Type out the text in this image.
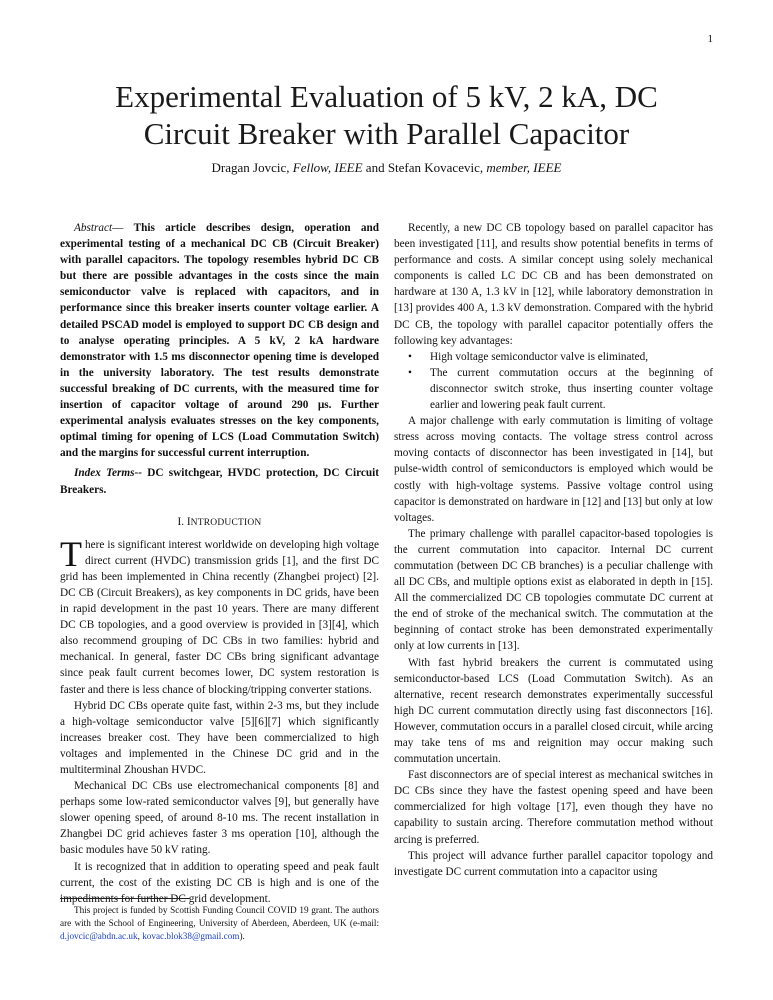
1
Experimental Evaluation of 5 kV, 2 kA, DC
Circuit Breaker with Parallel Capacitor
Dragan Jovcic, Fellow, IEEE and Stefan Kovacevic, member, IEEE

Abstract— This article describes design, operation and experimental testing of a mechanical DC CB (Circuit Breaker) with parallel capacitors. The topology resembles hybrid DC CB but there are possible advantages in the costs since the main semiconductor valve is replaced with capacitors, and in performance since this breaker inserts counter voltage earlier. A detailed PSCAD model is employed to support DC CB design and to analyse operating principles. A 5 kV, 2 kA hardware demonstrator with 1.5 ms disconnector opening time is developed in the university laboratory. The test results demonstrate successful breaking of DC currents, with the measured time for insertion of capacitor voltage of around 290 µs. Further experimental analysis evaluates stresses on the key components, optimal timing for opening of LCS (Load Commutation Switch) and the margins for successful current interruption.

Index Terms-- DC switchgear, HVDC protection, DC Circuit Breakers.

I. INTRODUCTION

There is significant interest worldwide on developing high voltage direct current (HVDC) transmission grids [1], and the first DC grid has been implemented in China recently (Zhangbei project) [2]. DC CB (Circuit Breakers), as key components in DC grids, have been in rapid development in the past 10 years. There are many different DC CB topologies, and a good overview is provided in [3][4], which also recommend grouping of DC CBs in two families: hybrid and mechanical. In general, faster DC CBs bring significant advantage since peak fault current becomes lower, DC system restoration is faster and there is less chance of blocking/tripping converter stations.

Hybrid DC CBs operate quite fast, within 2-3 ms, but they include a high-voltage semiconductor valve [5][6][7] which significantly increases breaker cost. They have been commercialized to high voltages and implemented in the Chinese DC grid and in the multiterminal Zhoushan HVDC.

Mechanical DC CBs use electromechanical components [8] and perhaps some low-rated semiconductor valves [9], but generally have slower opening speed, of around 8-10 ms. The recent installation in Zhangbei DC grid achieves faster 3 ms operation [10], although the basic modules have 50 kV rating.

It is recognized that in addition to operating speed and peak fault current, the cost of the existing DC CB is high and is one of the impediments for further DC grid development.

Recently, a new DC CB topology based on parallel capacitor has been investigated [11], and results show potential benefits in terms of performance and costs. A similar concept using solely mechanical components is called LC DC CB and has been demonstrated on hardware at 130 A, 1.3 kV in [12], while laboratory demonstration in [13] provides 400 A, 1.3 kV demonstration. Compared with the hybrid DC CB, the topology with parallel capacitor potentially offers the following key advantages:

• High voltage semiconductor valve is eliminated,
• The current commutation occurs at the beginning of disconnector switch stroke, thus inserting counter voltage earlier and lowering peak fault current.

A major challenge with early commutation is limiting of voltage stress across moving contacts. The voltage stress control across moving contacts of disconnector has been investigated in [14], but pulse-width control of semiconductors is employed which would be costly with high-voltage systems. Passive voltage control using capacitor is demonstrated on hardware in [12] and [13] but only at low voltages.

The primary challenge with parallel capacitor-based topologies is the current commutation into capacitor. Internal DC current commutation (between DC CB branches) is a peculiar challenge with all DC CBs, and multiple options exist as elaborated in depth in [15]. All the commercialized DC CB topologies commutate DC current at the end of stroke of the mechanical switch. The commutation at the beginning of contact stroke has been demonstrated experimentally only at low currents in [13].

With fast hybrid breakers the current is commutated using semiconductor-based LCS (Load Commutation Switch). As an alternative, recent research demonstrates experimentally successful high DC current commutation directly using fast disconnectors [16]. However, commutation occurs in a parallel closed circuit, while arcing may take tens of ms and reignition may occur making such commutation uncertain.

Fast disconnectors are of special interest as mechanical switches in DC CBs since they have the fastest opening speed and have been commercialized for high voltage [17], even though they have no capability to sustain arcing. Therefore commutation method without arcing is preferred.

This project will advance further parallel capacitor topology and investigate DC current commutation into a capacitor using

This project is funded by Scottish Funding Council COVID 19 grant. The authors are with the School of Engineering, University of Aberdeen, Aberdeen, UK (e-mail: d.jovcic@abdn.ac.uk, kovac.blok38@gmail.com).
